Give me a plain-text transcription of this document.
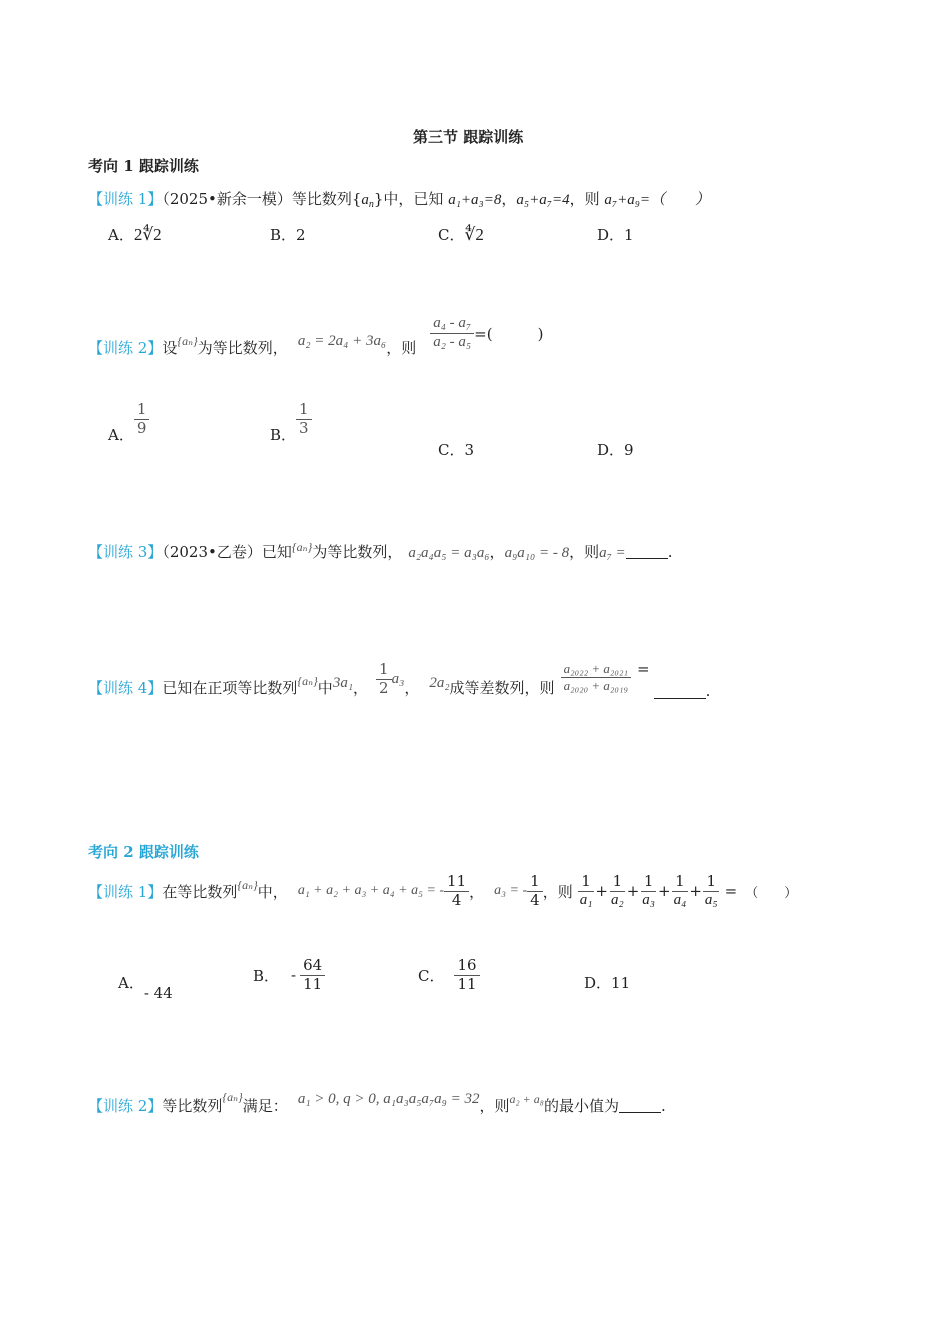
第三节 跟踪训练
考向 1 跟踪训练
【训练 1】（2025•新余一模）等比数列$\{a_n\}$中，已知 a₁+a₃=8，a₅+a₇=4，则 a₇+a₉=（　　）
A．2∜2	B．2	C．∜2	D．1
【训练 2】 设 {aₙ} 为等比数列， a₂ = 2a₄ + 3a₆ ，则 $\frac{\text{a₄ - a₇}}{\text{a₂ - a₅}}$ =(　　　)
A． $\frac{1}{9}$	B． $\frac{1}{3}$
C．3	D．9
【训练 3】（2023•乙卷）已知$^{\{a_n\}}$为等比数列， a₂a₄a₅ = a₃a₆，a₉a₁₀ = - 8，则a₇ =	.
【训练 4】 已知在正项等比数列 {aₙ} 中 3a₁ ， $\frac{1}{2} a_3$ ， 2a₂ 成等差数列，则 $\frac{\text{a₂₀₂₂ + a₂₀₂₁}}{\text{a₂₀₂₀ + a₂₀₁₉}}$ =
.
考向 2 跟踪训练
【训练 1】 在等比数列 {aₙ} 中， a₁ + a₂ + a₃ + a₄ + a₅ = - $\frac{11}{4}$ ， a₃ = - $\frac{1}{4}$ ，则 $\frac{1}{\text{a₁}} + \frac{1}{\text{a₂}} + \frac{1}{\text{a₃}} + \frac{1}{\text{a₄}} + \frac{1}{\text{a₅}}$ = （　　）
A．- 44
B． - $\frac{64}{11}$	C． $\frac{16}{11}$	D．11
【训练 2】 等比数列 {aₙ} 满足： a₁ > 0, q > 0, a₁a₃a₅a₇a₉ = 32 ，则 a₂ + a₈ 的最小值为	.
